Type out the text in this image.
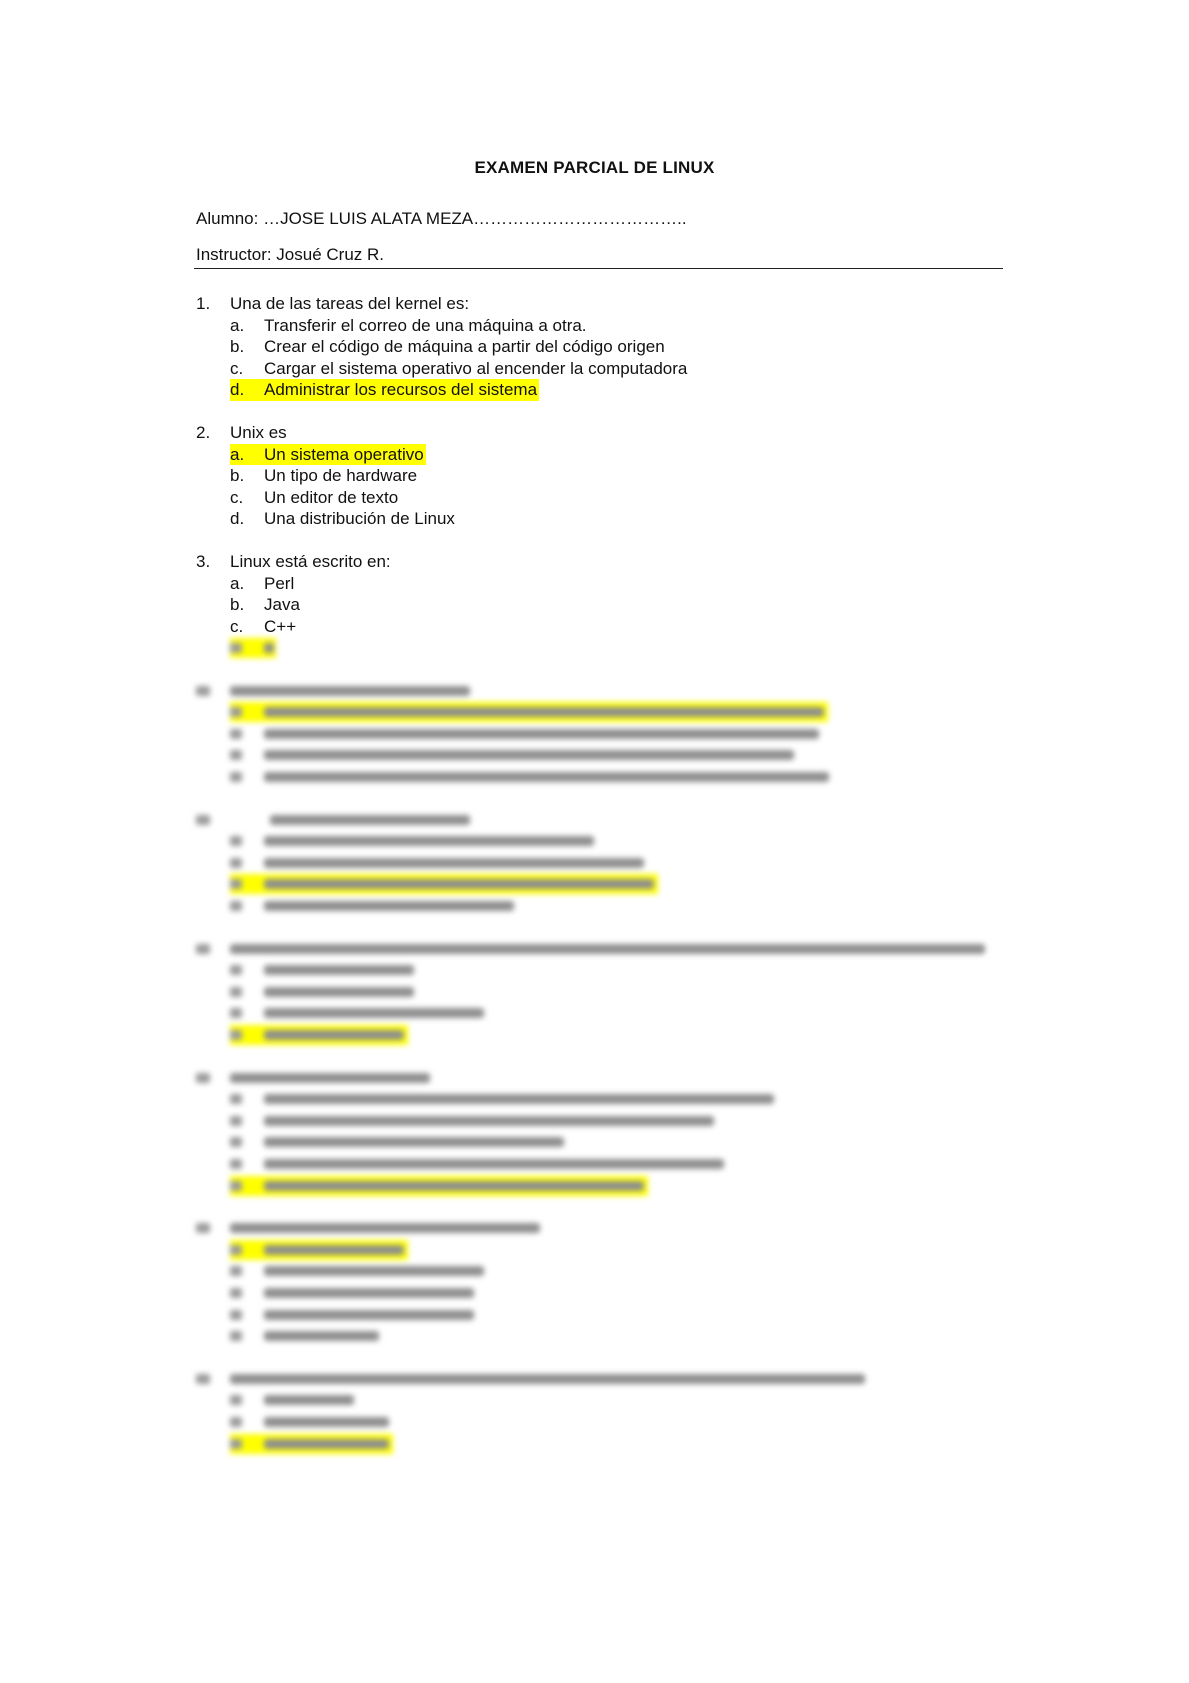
EXAMEN PARCIAL DE LINUX
Alumno: …JOSE LUIS ALATA MEZA………………………………..
Instructor: Josué Cruz R.
1. Una de las tareas del kernel es:
a. Transferir el correo de una máquina a otra.
b. Crear el código de máquina a partir del código origen
c. Cargar el sistema operativo al encender la computadora
d. Administrar los recursos del sistema
2. Unix es
a. Un sistema operativo
b. Un tipo de hardware
c. Un editor de texto
d. Una distribución de Linux
3. Linux está escrito en:
a. Perl
b. Java
c. C++
